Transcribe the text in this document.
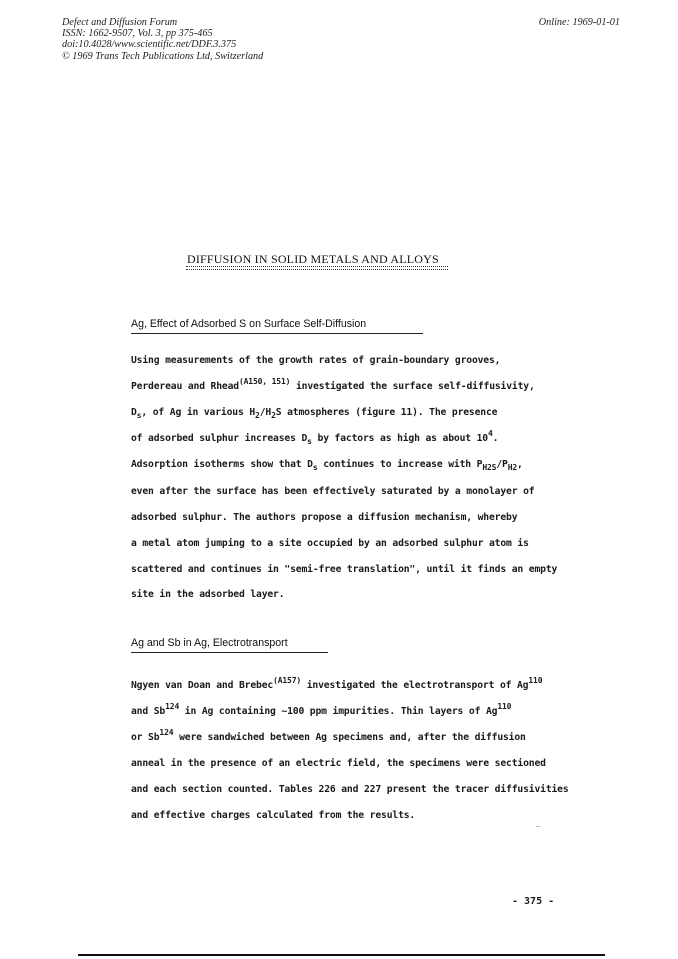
Defect and Diffusion Forum
ISSN: 1662-9507, Vol. 3, pp 375-465
doi:10.4028/www.scientific.net/DDF.3.375
© 1969 Trans Tech Publications Ltd, Switzerland
Online: 1969-01-01
DIFFUSION IN SOLID METALS AND ALLOYS
Ag, Effect of Adsorbed S on Surface Self-Diffusion
Using measurements of the growth rates of grain-boundary grooves,
Perdereau and Rhead$^{(A150, 151)}$ investigated the surface self-diffusivity,
$D_s$, of Ag in various $H_2/H_2S$ atmospheres (figure 11). The presence
of adsorbed sulphur increases $D_s$ by factors as high as about $10^4$.
Adsorption isotherms show that $D_s$ continues to increase with $P_{H2S}/P_{H2}$,
even after the surface has been effectively saturated by a monolayer of
adsorbed sulphur. The authors propose a diffusion mechanism, whereby
a metal atom jumping to a site occupied by an adsorbed sulphur atom is
scattered and continues in "semi-free translation", until it finds an empty
site in the adsorbed layer.
Ag and Sb in Ag, Electrotransport
Ngyen van Doan and Brebec$^{(A157)}$ investigated the electrotransport of Ag$^{110}$
and Sb$^{124}$ in Ag containing ~100 ppm impurities. Thin layers of Ag$^{110}$
or Sb$^{124}$ were sandwiched between Ag specimens and, after the diffusion
anneal in the presence of an electric field, the specimens were sectioned
and each section counted. Tables 226 and 227 present the tracer diffusivities
and effective charges calculated from the results.
- 375 -
